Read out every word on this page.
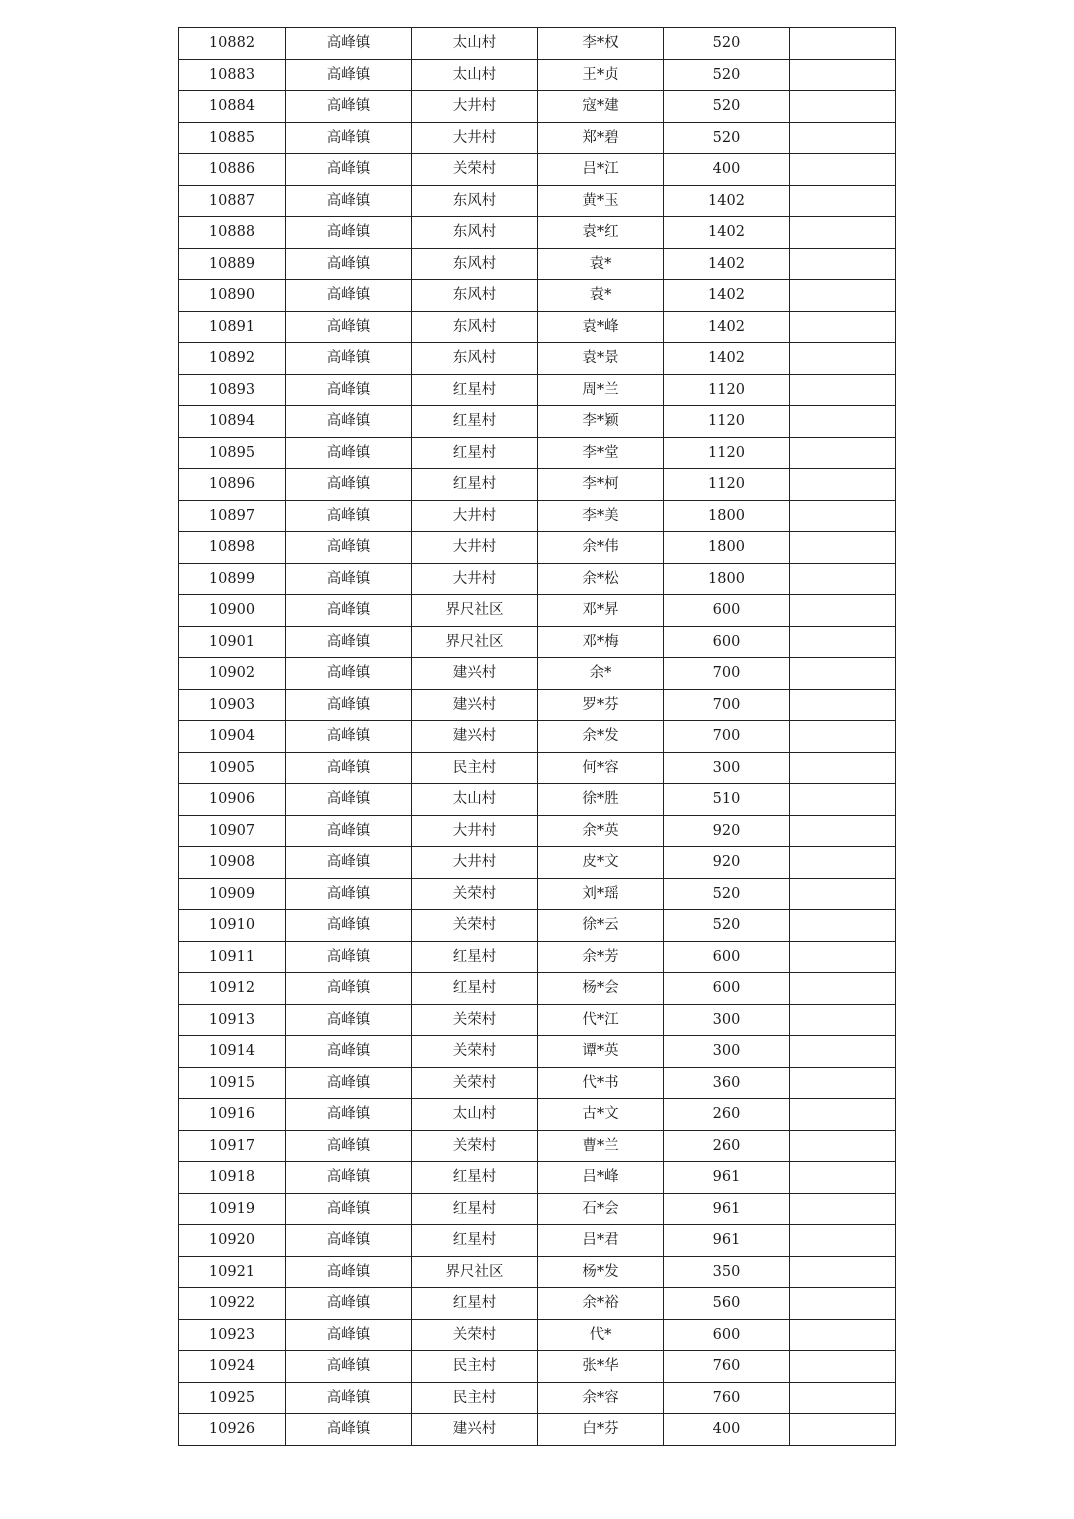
10882	高峰镇	太山村	李*权	520	
10883	高峰镇	太山村	王*贞	520	
10884	高峰镇	大井村	寇*建	520	
10885	高峰镇	大井村	郑*碧	520	
10886	高峰镇	关荣村	吕*江	400	
10887	高峰镇	东风村	黄*玉	1402	
10888	高峰镇	东风村	袁*红	1402	
10889	高峰镇	东风村	袁*	1402	
10890	高峰镇	东风村	袁*	1402	
10891	高峰镇	东风村	袁*峰	1402	
10892	高峰镇	东风村	袁*景	1402	
10893	高峰镇	红星村	周*兰	1120	
10894	高峰镇	红星村	李*颖	1120	
10895	高峰镇	红星村	李*堂	1120	
10896	高峰镇	红星村	李*柯	1120	
10897	高峰镇	大井村	李*美	1800	
10898	高峰镇	大井村	余*伟	1800	
10899	高峰镇	大井村	余*松	1800	
10900	高峰镇	界尺社区	邓*昇	600	
10901	高峰镇	界尺社区	邓*梅	600	
10902	高峰镇	建兴村	余*	700	
10903	高峰镇	建兴村	罗*芬	700	
10904	高峰镇	建兴村	余*发	700	
10905	高峰镇	民主村	何*容	300	
10906	高峰镇	太山村	徐*胜	510	
10907	高峰镇	大井村	余*英	920	
10908	高峰镇	大井村	皮*文	920	
10909	高峰镇	关荣村	刘*瑶	520	
10910	高峰镇	关荣村	徐*云	520	
10911	高峰镇	红星村	余*芳	600	
10912	高峰镇	红星村	杨*会	600	
10913	高峰镇	关荣村	代*江	300	
10914	高峰镇	关荣村	谭*英	300	
10915	高峰镇	关荣村	代*书	360	
10916	高峰镇	太山村	古*文	260	
10917	高峰镇	关荣村	曹*兰	260	
10918	高峰镇	红星村	吕*峰	961	
10919	高峰镇	红星村	石*会	961	
10920	高峰镇	红星村	吕*君	961	
10921	高峰镇	界尺社区	杨*发	350	
10922	高峰镇	红星村	余*裕	560	
10923	高峰镇	关荣村	代*	600	
10924	高峰镇	民主村	张*华	760	
10925	高峰镇	民主村	余*容	760	
10926	高峰镇	建兴村	白*芬	400	
